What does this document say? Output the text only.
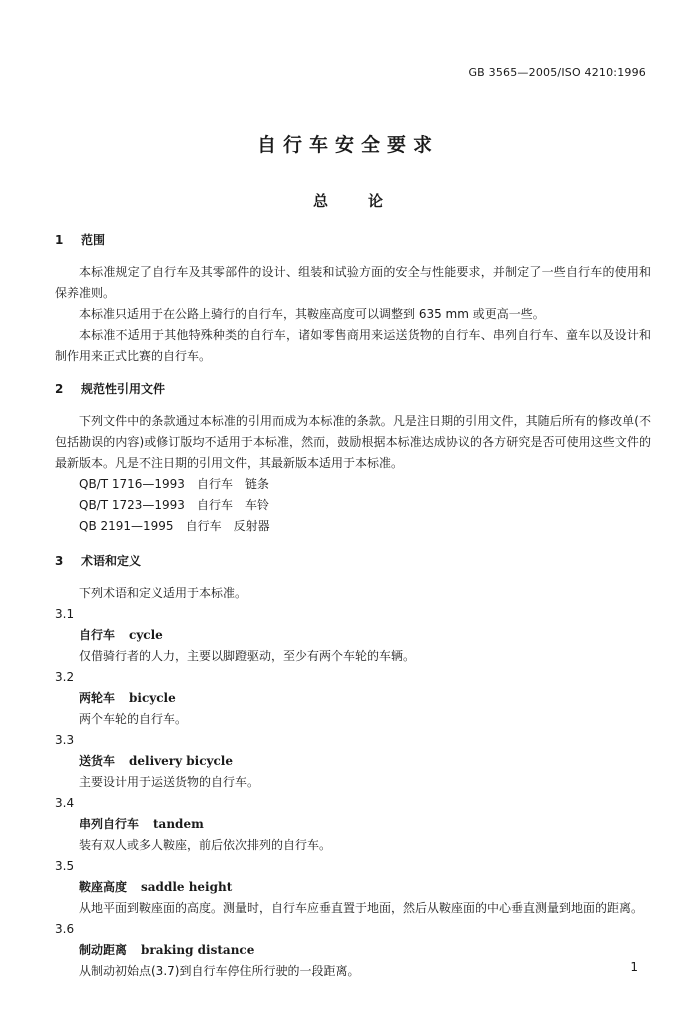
GB 3565—2005/ISO 4210:1996
自行车安全要求
总论
1 范围

本标准规定了自行车及其零部件的设计、组装和试验方面的安全与性能要求，并制定了一些自行车的使用和保养准则。

本标准只适用于在公路上骑行的自行车，其鞍座高度可以调整到 635 mm 或更高一些。

本标准不适用于其他特殊种类的自行车，诸如零售商用来运送货物的自行车、串列自行车、童车以及设计和制作用来正式比赛的自行车。

2 规范性引用文件

下列文件中的条款通过本标准的引用而成为本标准的条款。凡是注日期的引用文件，其随后所有的修改单(不包括勘误的内容)或修订版均不适用于本标准，然而，鼓励根据本标准达成协议的各方研究是否可使用这些文件的最新版本。凡是不注日期的引用文件，其最新版本适用于本标准。

QB/T 1716—1993　自行车　链条

QB/T 1723—1993　自行车　车铃

QB 2191—1995　自行车　反射器

3 术语和定义

下列术语和定义适用于本标准。

3.1

自行车 cycle

仅借骑行者的人力，主要以脚蹬驱动，至少有两个车轮的车辆。

3.2

两轮车 bicycle

两个车轮的自行车。

3.3

送货车 delivery bicycle

主要设计用于运送货物的自行车。

3.4

串列自行车 tandem

装有双人或多人鞍座，前后依次排列的自行车。

3.5

鞍座高度 saddle height

从地平面到鞍座面的高度。测量时，自行车应垂直置于地面，然后从鞍座面的中心垂直测量到地面的距离。

3.6

制动距离 braking distance

从制动初始点(3.7)到自行车停住所行驶的一段距离。	1
